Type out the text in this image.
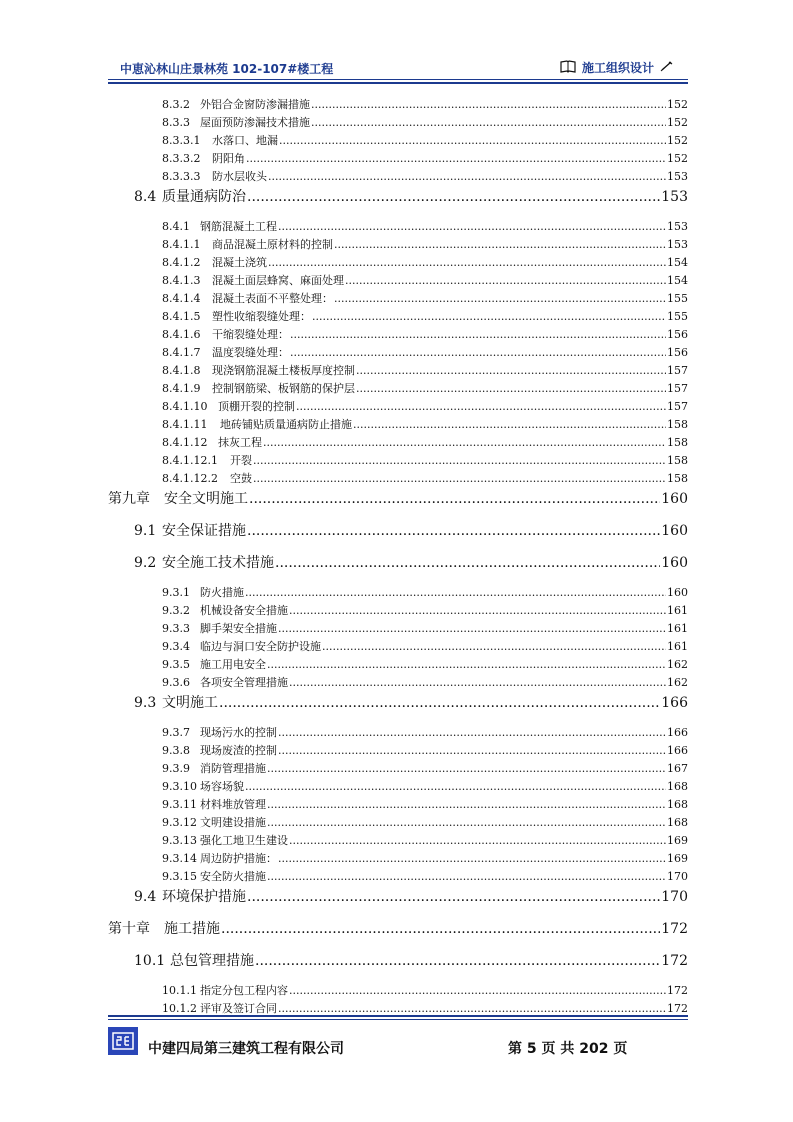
中恵沁林山庄景林苑 102-107#楼工程	施工组织设计
8.3.2 外铝合金窗防渗漏措施 .....	152
8.3.3 屋面预防渗漏技术措施 .....	152
8.3.3.1	水落口、地漏 .....	152
8.3.3.2	阴阳角 .....	152
8.3.3.3	防水层收头 .....	153
8.4 质量通病防治 .....	153
8.4.1 钢筋混凝土工程 .....	153
8.4.1.1	商品混凝土原材料的控制 .....	153
8.4.1.2	混凝土浇筑 .....	154
8.4.1.3	混凝土面层蜂窝、麻面处理 .....	154
8.4.1.4	混凝土表面不平整处理： .....	155
8.4.1.5	塑性收缩裂缝处理： .....	155
8.4.1.6	干缩裂缝处理： .....	156
8.4.1.7	温度裂缝处理： .....	156
8.4.1.8	现浇钢筋混凝土楼板厚度控制 .....	157
8.4.1.9	控制钢筋梁、板钢筋的保护层 .....	157
8.4.1.10 顶棚开裂的控制 .....	157
8.4.1.11	地砖铺贴质量通病防止措施 .....	158
8.4.1.12 抹灰工程 .....	158
8.4.1.12.1	开裂 .....	158
8.4.1.12.2	空鼓 .....	158
第九章	安全文明施工 .....	160
9.1 安全保证措施 .....	160
9.2 安全施工技术措施 .....	160
9.3.1 防火措施 .....	160
9.3.2 机械设备安全措施 .....	161
9.3.3 脚手架安全措施 .....	161
9.3.4 临边与洞口安全防护设施 .....	161
9.3.5 施工用电安全 .....	162
9.3.6 各项安全管理措施 .....	162
9.3 文明施工 .....	166
9.3.7 现场污水的控制 .....	166
9.3.8 现场废渣的控制 .....	166
9.3.9 消防管理措施 .....	167
9.3.10 场容场貌 .....	168
9.3.11 材料堆放管理 .....	168
9.3.12 文明建设措施 .....	168
9.3.13 强化工地卫生建设 .....	169
9.3.14 周边防护措施： .....	169
9.3.15 安全防火措施 .....	170
9.4 环境保护措施 .....	170
第十章	施工措施 .....	172
10.1 总包管理措施 .....	172
10.1.1 指定分包工程内容 .....	172
10.1.2 评审及签订合同 .....	172
中建四局第三建筑工程有限公司	第 5 页 共 202 页
